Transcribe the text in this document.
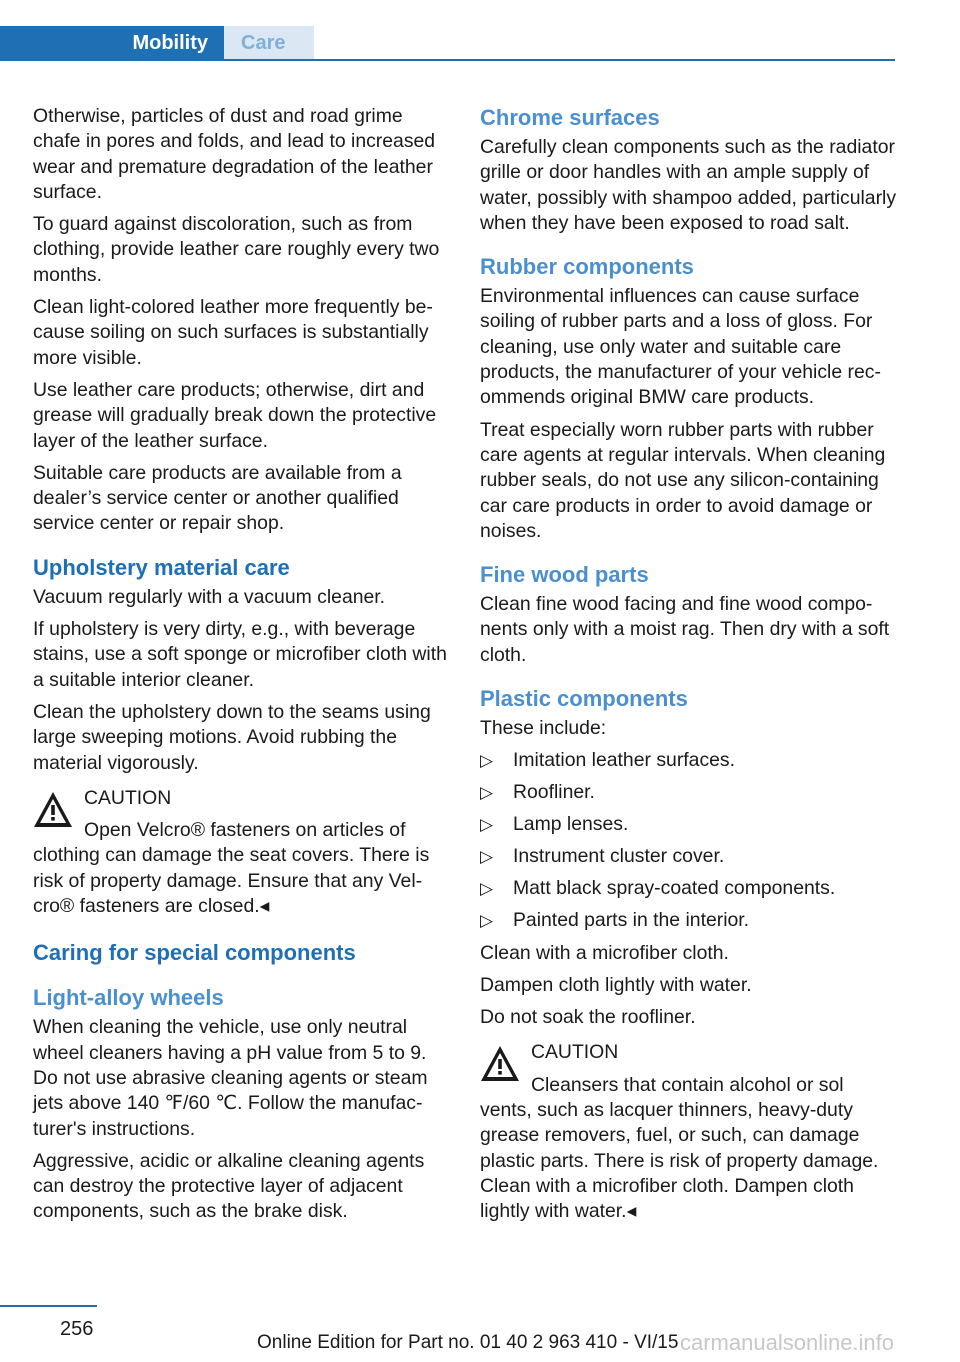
Mobility	Care

Otherwise, particles of dust and road grime chafe in pores and folds, and lead to increased wear and premature degradation of the leather surface.

To guard against discoloration, such as from clothing, provide leather care roughly every two months.

Clean light-colored leather more frequently because soiling on such surfaces is substantially more visible.

Use leather care products; otherwise, dirt and grease will gradually break down the protective layer of the leather surface.

Suitable care products are available from a dealer’s service center or another qualified service center or repair shop.

Upholstery material care

Vacuum regularly with a vacuum cleaner.

If upholstery is very dirty, e.g., with beverage stains, use a soft sponge or microfiber cloth with a suitable interior cleaner.

Clean the upholstery down to the seams using large sweeping motions. Avoid rubbing the material vigorously.

CAUTION
Open Velcro® fasteners on articles of
clothing can damage the seat covers. There is risk of property damage. Ensure that any Velcro® fasteners are closed.◂
Caring for special components
Light-alloy wheels

When cleaning the vehicle, use only neutral wheel cleaners having a pH value from 5 to 9. Do not use abrasive cleaning agents or steam jets above 140 ℉/60 ℃. Follow the manufacturer's instructions.

Aggressive, acidic or alkaline cleaning agents can destroy the protective layer of adjacent components, such as the brake disk.

Chrome surfaces

Carefully clean components such as the radiator grille or door handles with an ample supply of water, possibly with shampoo added, particularly when they have been exposed to road salt.

Rubber components

Environmental influences can cause surface soiling of rubber parts and a loss of gloss. For cleaning, use only water and suitable care products, the manufacturer of your vehicle recommends original BMW care products.

Treat especially worn rubber parts with rubber care agents at regular intervals. When cleaning rubber seals, do not use any silicon-containing car care products in order to avoid damage or noises.

Fine wood parts

Clean fine wood facing and fine wood components only with a moist rag. Then dry with a soft cloth.

Plastic components

These include:

▷ Imitation leather surfaces.
▷ Roofliner.
▷ Lamp lenses.
▷ Instrument cluster cover.
▷ Matt black spray-coated components.
▷ Painted parts in the interior.

Clean with a microfiber cloth.

Dampen cloth lightly with water.

Do not soak the roofliner.

CAUTION
Cleansers that contain alcohol or sol
vents, such as lacquer thinners, heavy-duty grease removers, fuel, or such, can damage plastic parts. There is risk of property damage. Clean with a microfiber cloth. Dampen cloth lightly with water.◂
256
Online Edition for Part no. 01 40 2 963 410 - VI/15 carmanualsonline.info
